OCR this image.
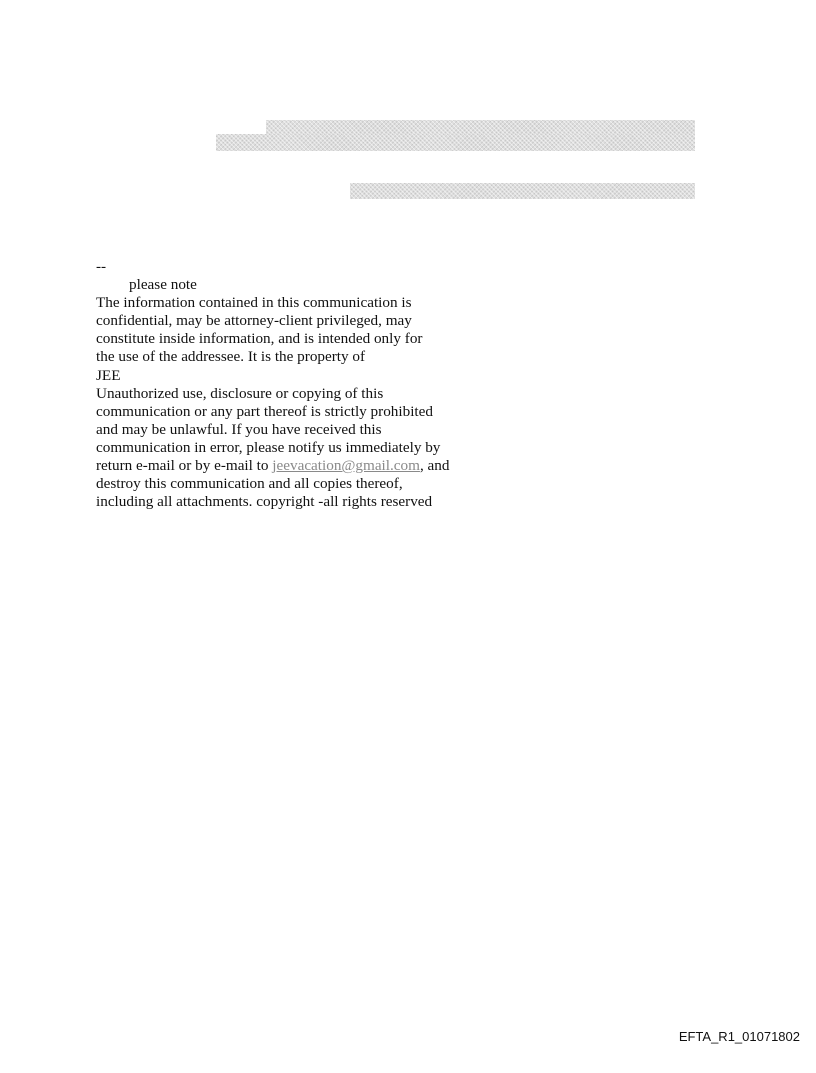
--
please note
The information contained in this communication is
confidential, may be attorney-client privileged, may
constitute inside information, and is intended only for
the use of the addressee. It is the property of
JEE
Unauthorized use, disclosure or copying of this
communication or any part thereof is strictly prohibited
and may be unlawful. If you have received this
communication in error, please notify us immediately by
return e-mail or by e-mail to jeevacation@gmail.com, and
destroy this communication and all copies thereof,
including all attachments. copyright -all rights reserved
EFTA_R1_01071802
